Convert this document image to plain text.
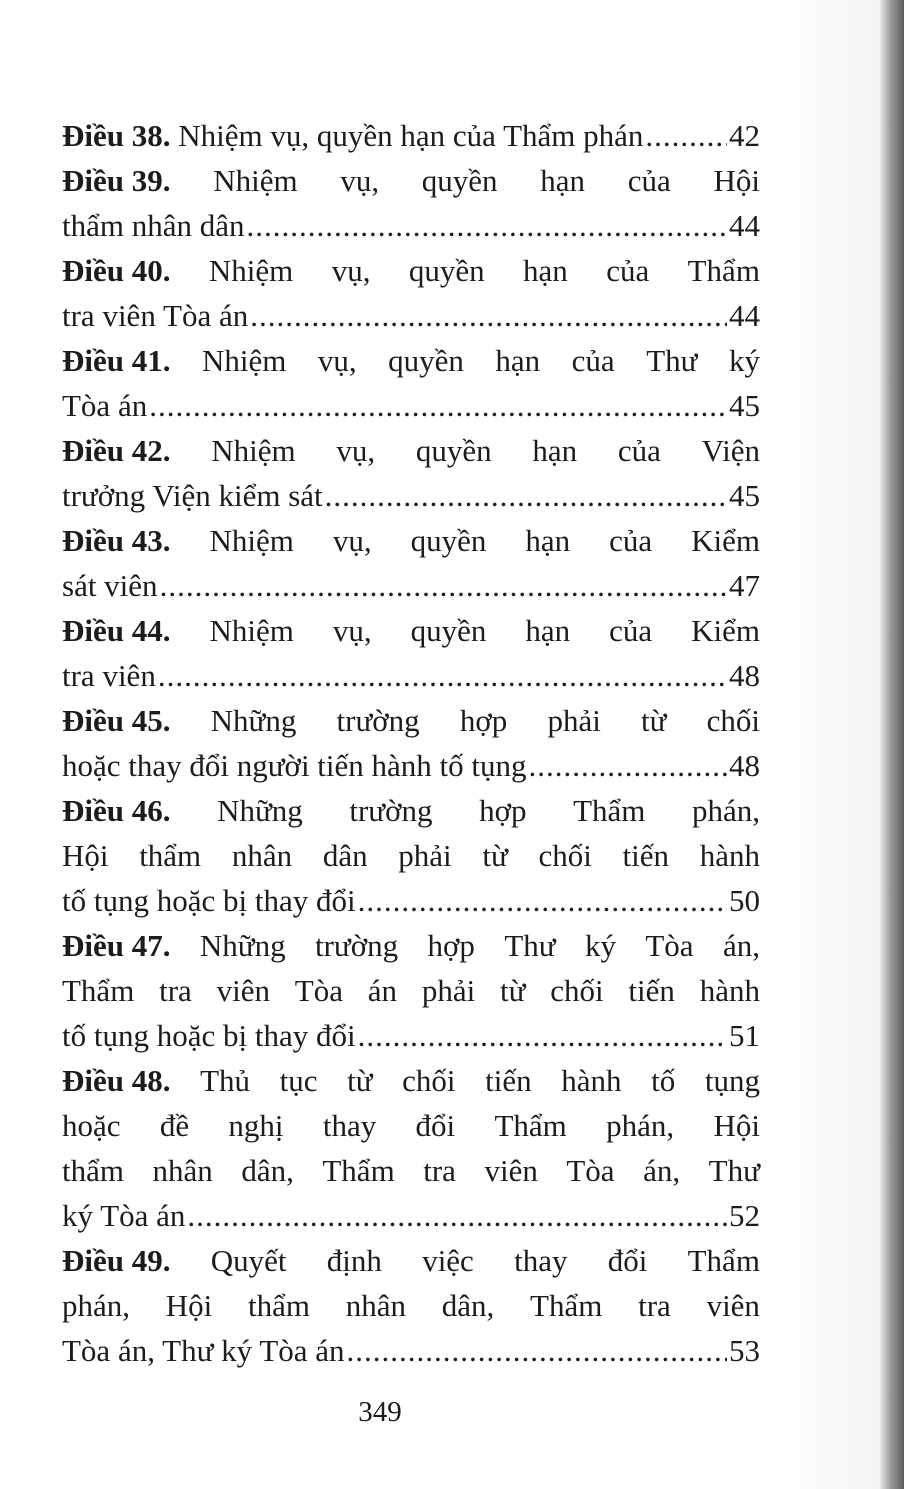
Điều 38.
Nhiệm vụ, quyền hạn của Thẩm phán .....	42
Điều 39. Nhiệm vụ, quyền hạn của Hội
thẩm nhân dân .....	44
Điều 40. Nhiệm vụ, quyền hạn của Thẩm
tra viên Tòa án .....	44
Điều 41. Nhiệm vụ, quyền hạn của Thư ký
Tòa án .....	45
Điều 42. Nhiệm vụ, quyền hạn của Viện
trưởng Viện kiểm sát .....	45
Điều 43. Nhiệm vụ, quyền hạn của Kiểm
sát viên .....	47
Điều 44. Nhiệm vụ, quyền hạn của Kiểm
tra viên .....	48
Điều 45. Những trường hợp phải từ chối
hoặc thay đổi người tiến hành tố tụng .....	48
Điều 46. Những trường hợp Thẩm phán,
Hội thẩm nhân dân phải từ chối tiến hành
tố tụng hoặc bị thay đổi .....	50
Điều 47. Những trường hợp Thư ký Tòa án,
Thẩm tra viên Tòa án phải từ chối tiến hành
tố tụng hoặc bị thay đổi .....	51
Điều 48. Thủ tục từ chối tiến hành tố tụng
hoặc đề nghị thay đổi Thẩm phán, Hội
thẩm nhân dân, Thẩm tra viên Tòa án, Thư
ký Tòa án .....	52
Điều 49. Quyết định việc thay đổi Thẩm
phán, Hội thẩm nhân dân, Thẩm tra viên
Tòa án, Thư ký Tòa án .....	53
349
